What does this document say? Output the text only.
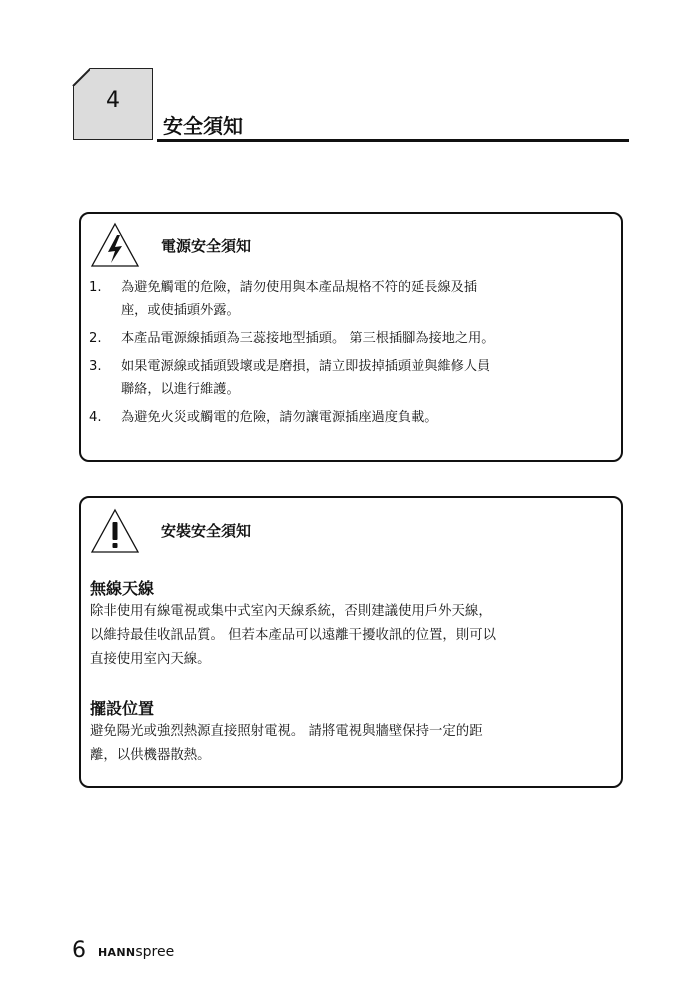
4
安全須知
電源安全須知
1. 為避免觸電的危險，請勿使用與本產品規格不符的延長線及插
座，或使插頭外露。
2. 本產品電源線插頭為三蕊接地型插頭。 第三根插腳為接地之用。
3. 如果電源線或插頭毀壞或是磨損，請立即拔掉插頭並與維修人員
聯絡，以進行維護。
4. 為避免火災或觸電的危險，請勿讓電源插座過度負載。
安裝安全須知
無線天線
除非使用有線電視或集中式室內天線系統，否則建議使用戶外天線，
以維持最佳收訊品質。 但若本產品可以遠離干擾收訊的位置，則可以
直接使用室內天線。
擺設位置
避免陽光或強烈熱源直接照射電視。 請將電視與牆壁保持一定的距
離，以供機器散熱。
6 HANNspree
